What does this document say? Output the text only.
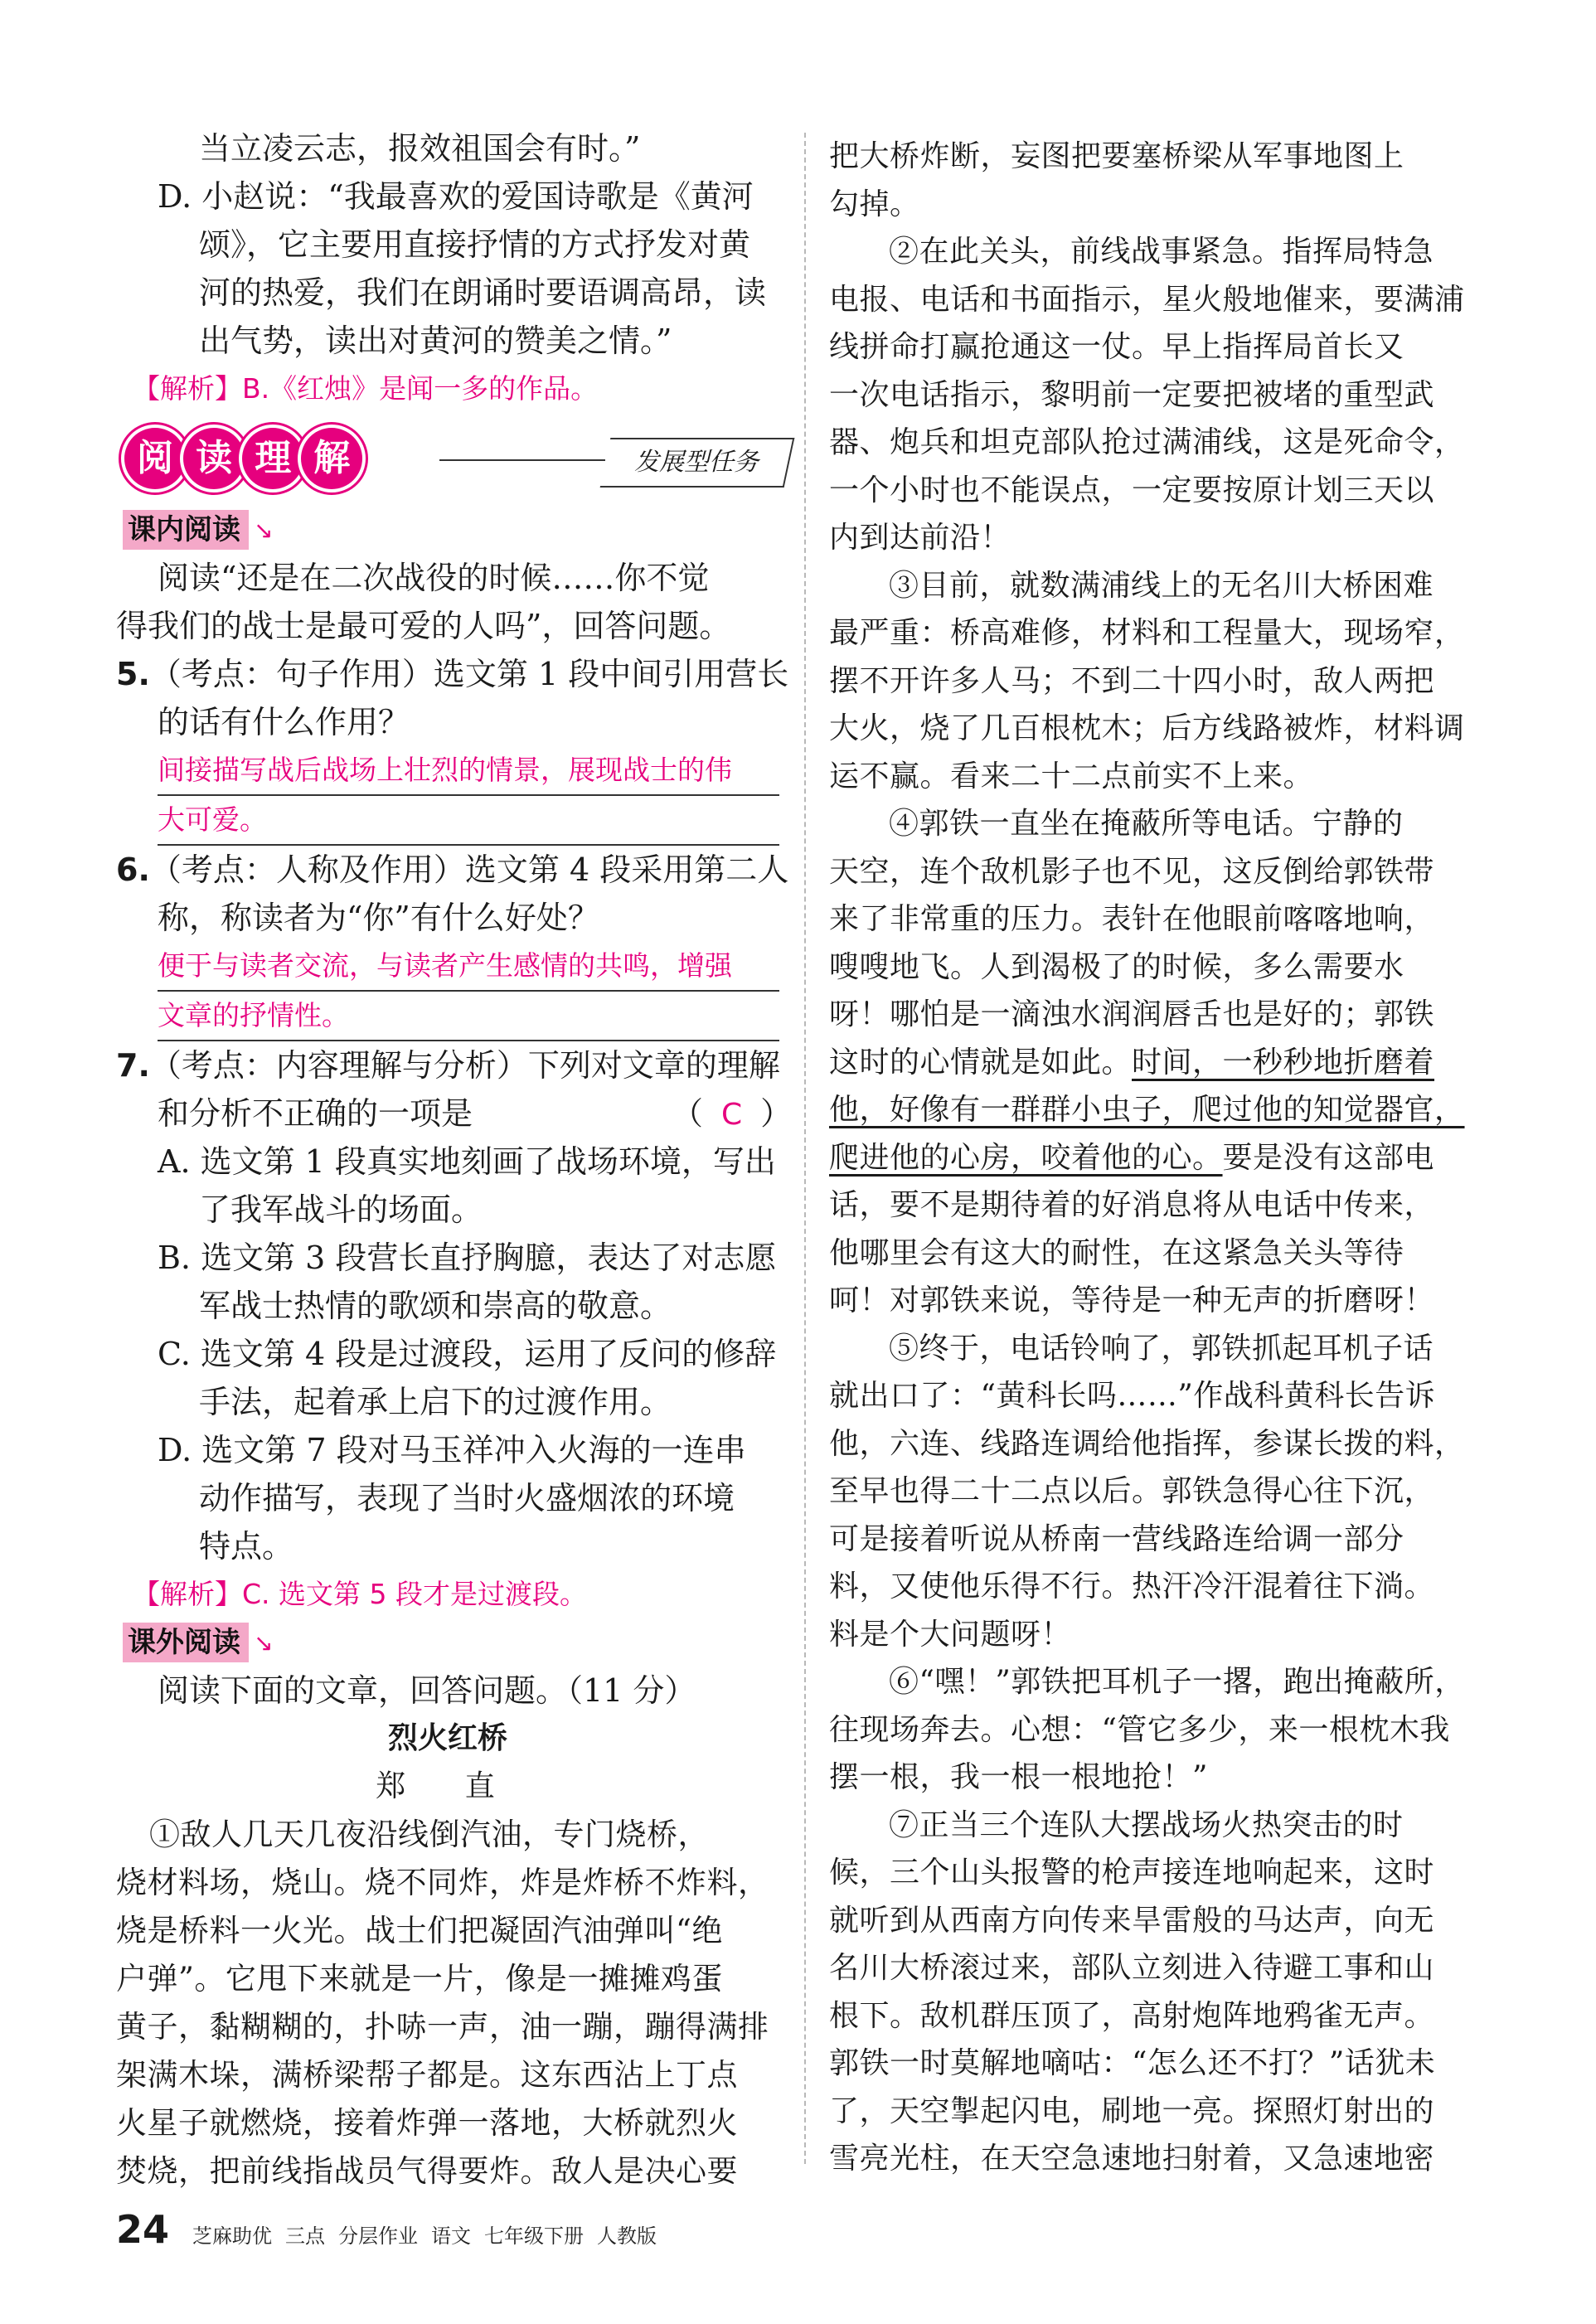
当立凌云志，报效祖国会有时。”
D. 小赵说：“我最喜欢的爱国诗歌是《黄河
颂》，它主要用直接抒情的方式抒发对黄
河的热爱，我们在朗诵时要语调高昂，读
出气势，读出对黄河的赞美之情。”
【解析】B.《红烛》是闻一多的作品。
阅 读 理 解	发展型任务
课内阅读 ↘
阅读“还是在二次战役的时候……你不觉
得我们的战士是最可爱的人吗”，回答问题。
5.（考点：句子作用）选文第 1 段中间引用营长
的话有什么作用？
间接描写战后战场上壮烈的情景，展现战士的伟
大可爱。
6.（考点：人称及作用）选文第 4 段采用第二人
称，称读者为“你”有什么好处？
便于与读者交流，与读者产生感情的共鸣，增强
文章的抒情性。
7.（考点：内容理解与分析）下列对文章的理解
和分析不正确的一项是	（ C ）
A. 选文第 1 段真实地刻画了战场环境，写出
了我军战斗的场面。
B. 选文第 3 段营长直抒胸臆，表达了对志愿
军战士热情的歌颂和崇高的敬意。
C. 选文第 4 段是过渡段，运用了反问的修辞
手法，起着承上启下的过渡作用。
D. 选文第 7 段对马玉祥冲入火海的一连串
动作描写，表现了当时火盛烟浓的环境
特点。
【解析】C. 选文第 5 段才是过渡段。
课外阅读 ↘
阅读下面的文章，回答问题。（11 分）
烈火红桥
郑 直
①敌人几天几夜沿线倒汽油，专门烧桥，
烧材料场，烧山。烧不同炸，炸是炸桥不炸料，
烧是桥料一火光。战士们把凝固汽油弹叫“绝
户弹”。它甩下来就是一片，像是一摊摊鸡蛋
黄子，黏糊糊的，扑哧一声，油一蹦，蹦得满排
架满木垛，满桥梁帮子都是。这东西沾上丁点
火星子就燃烧，接着炸弹一落地，大桥就烈火
焚烧，把前线指战员气得要炸。敌人是决心要
把大桥炸断，妄图把要塞桥梁从军事地图上
勾掉。
②在此关头，前线战事紧急。指挥局特急
电报、电话和书面指示，星火般地催来，要满浦
线拼命打赢抢通这一仗。早上指挥局首长又
一次电话指示，黎明前一定要把被堵的重型武
器、炮兵和坦克部队抢过满浦线，这是死命令，
一个小时也不能误点，一定要按原计划三天以
内到达前沿！
③目前，就数满浦线上的无名川大桥困难
最严重：桥高难修，材料和工程量大，现场窄，
摆不开许多人马；不到二十四小时，敌人两把
大火，烧了几百根枕木；后方线路被炸，材料调
运不赢。看来二十二点前实不上来。
④郭铁一直坐在掩蔽所等电话。宁静的
天空，连个敌机影子也不见，这反倒给郭铁带
来了非常重的压力。表针在他眼前喀喀地响，
嗖嗖地飞。人到渴极了的时候，多么需要水
呀！哪怕是一滴浊水润润唇舌也是好的；郭铁
这时的心情就是如此。时间，一秒秒地折磨着
他，好像有一群群小虫子，爬过他的知觉器官，
爬进他的心房，咬着他的心。要是没有这部电
话，要不是期待着的好消息将从电话中传来，
他哪里会有这大的耐性，在这紧急关头等待
呵！对郭铁来说，等待是一种无声的折磨呀！
⑤终于，电话铃响了，郭铁抓起耳机子话
就出口了：“黄科长吗……”作战科黄科长告诉
他，六连、线路连调给他指挥，参谋长拨的料，
至早也得二十二点以后。郭铁急得心往下沉，
可是接着听说从桥南一营线路连给调一部分
料，又使他乐得不行。热汗冷汗混着往下淌。
料是个大问题呀！
⑥“嘿！”郭铁把耳机子一撂，跑出掩蔽所，
往现场奔去。心想：“管它多少，来一根枕木我
摆一根，我一根一根地抢！”
⑦正当三个连队大摆战场火热突击的时
候，三个山头报警的枪声接连地响起来，这时
就听到从西南方向传来旱雷般的马达声，向无
名川大桥滚过来，部队立刻进入待避工事和山
根下。敌机群压顶了，高射炮阵地鸦雀无声。
郭铁一时莫解地嘀咕：“怎么还不打？”话犹未
了，天空掣起闪电，刷地一亮。探照灯射出的
雪亮光柱，在天空急速地扫射着，又急速地密
24 芝麻助优 三点 分层作业 语文 七年级下册 人教版
